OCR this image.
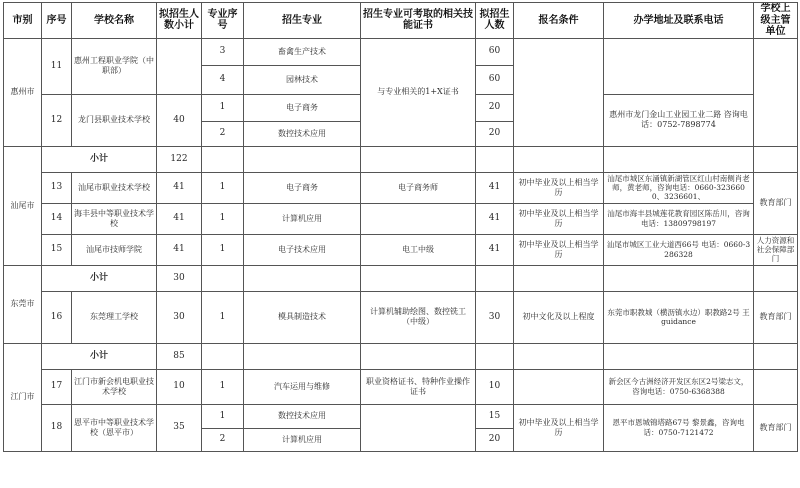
市别	序号	学校名称	拟招生人数小计	专业序号	招生专业	招生专业可考取的相关技能证书	拟招生人数	报名条件	办学地址及联系电话	学校上级主管单位
惠州市	11	惠州工程职业学院（中职部）		3	畜禽生产技术	与专业相关的1+X证书	60			
				4	园林技术		60			
	12	龙门县职业技术学校	40	1	电子商务		20		惠州市龙门金山工业园工业二路 咨询电话：0752-7898774	
				2	数控技术应用		20			
汕尾市	小计		122							
	13	汕尾市职业技术学校	41	1	电子商务	电子商务师	41	初中毕业及以上相当学历	汕尾市城区东涌镇新湖管区红山村南侧肖老师，黄老师，咨询电话：0660-3236600、3236601、	教育部门
	14	海丰县中等职业技术学校	41	1	计算机应用		41	初中毕业及以上相当学历	汕尾市海丰县城莲花教育园区陈岳川，咨询电话：13809798197	
	15	汕尾市技师学院	41	1	电子技术应用	电工中级	41	初中毕业及以上相当学历	汕尾市城区工业大道西66号 电话：0660-3286328	人力资源和社会保障部门
东莞市	小计		30							
	16	东莞理工学校	30	1	模具制造技术	计算机辅助绘图、数控铣工（中级）	30	初中文化及以上程度	东莞市职教城（横沥镇水边）职教路2号 王guidance	教育部门
江门市	小计		85							
	17	江门市新会机电职业技术学校	10	1	汽车运用与维修	职业资格证书、特种作业操作证书	10		新会区今古洲经济开发区东区2号梁志文，咨询电话：0750-6368388	
	18	恩平市中等职业技术学校（恩平市）	35	1	数控技术应用		15	初中毕业及以上相当学历	恩平市恩城锦塔路67号 黎景鑫，咨询电话：0750-7121472	教育部门
				2	计算机应用		20			
